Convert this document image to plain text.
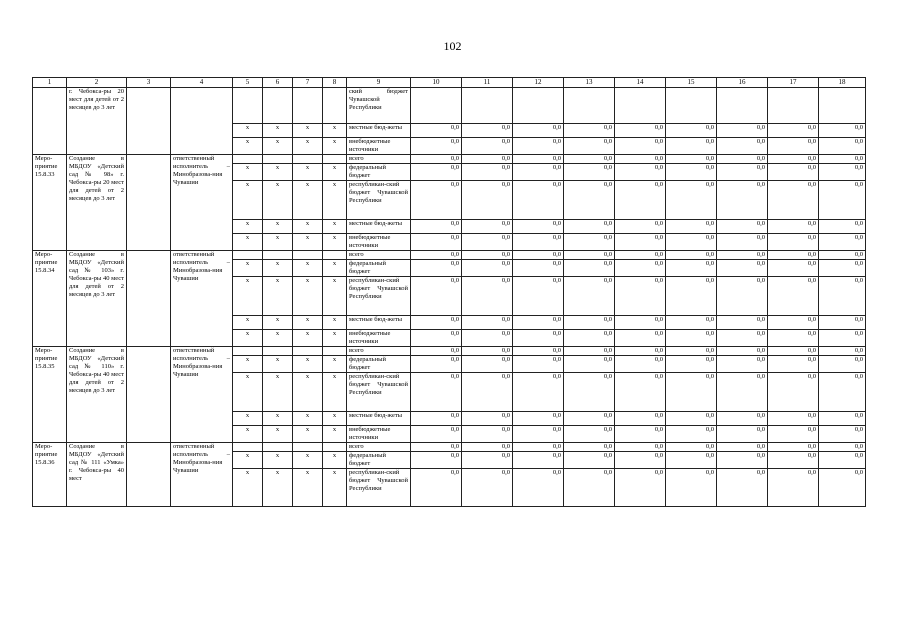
102
1	2	3	4	5	6	7	8	9	10	11	12	13	14	15	16	17	18
	г. Чебокса-ры 20 мест для детей от 2 месяцев до 3 лет							ский бюджет Чувашской Республики									
				x	x	x	x	местные бюд-жеты	0,0	0,0	0,0	0,0	0,0	0,0	0,0	0,0	0,0
				x	x	x	x	внебюджетные источники	0,0	0,0	0,0	0,0	0,0	0,0	0,0	0,0	0,0
Меро-приятие 15.8.33	Создание в МБДОУ «Детский сад № 98» г. Чебокса-ры 20 мест для детей от 2 месяцев до 3 лет		ответственный исполнитель – Минобразова-ния Чувашии					всего	0,0	0,0	0,0	0,0	0,0	0,0	0,0	0,0	0,0
				x	x	x	x	федеральный бюджет	0,0	0,0	0,0	0,0	0,0	0,0	0,0	0,0	0,0
				x	x	x	x	республикан-ский бюджет Чувашской Республики	0,0	0,0	0,0	0,0	0,0	0,0	0,0	0,0	0,0
				x	x	x	x	местные бюд-жеты	0,0	0,0	0,0	0,0	0,0	0,0	0,0	0,0	0,0
				x	x	x	x	внебюджетные источники	0,0	0,0	0,0	0,0	0,0	0,0	0,0	0,0	0,0
Меро-приятие 15.8.34	Создание в МБДОУ «Детский сад № 103» г. Чебокса-ры 40 мест для детей от 2 месяцев до 3 лет		ответственный исполнитель – Минобразова-ния Чувашии					всего	0,0	0,0	0,0	0,0	0,0	0,0	0,0	0,0	0,0
				x	x	x	x	федеральный бюджет	0,0	0,0	0,0	0,0	0,0	0,0	0,0	0,0	0,0
				x	x	x	x	республикан-ский бюджет Чувашской Республики	0,0	0,0	0,0	0,0	0,0	0,0	0,0	0,0	0,0
				x	x	x	x	местные бюд-жеты	0,0	0,0	0,0	0,0	0,0	0,0	0,0	0,0	0,0
				x	x	x	x	внебюджетные источники	0,0	0,0	0,0	0,0	0,0	0,0	0,0	0,0	0,0
Меро-приятие 15.8.35	Создание в МБДОУ «Детский сад № 110» г. Чебокса-ры 40 мест для детей от 2 месяцев до 3 лет		ответственный исполнитель – Минобразова-ния Чувашии					всего	0,0	0,0	0,0	0,0	0,0	0,0	0,0	0,0	0,0
				x	x	x	x	федеральный бюджет	0,0	0,0	0,0	0,0	0,0	0,0	0,0	0,0	0,0
				x	x	x	x	республикан-ский бюджет Чувашской Республики	0,0	0,0	0,0	0,0	0,0	0,0	0,0	0,0	0,0
				x	x	x	x	местные бюд-жеты	0,0	0,0	0,0	0,0	0,0	0,0	0,0	0,0	0,0
				x	x	x	x	внебюджетные источники	0,0	0,0	0,0	0,0	0,0	0,0	0,0	0,0	0,0
Меро-приятие 15.8.36	Создание в МБДОУ «Детский сад № 111 «Умка» г. Чебокса-ры 40 мест		ответственный исполнитель – Минобразова-ния Чувашии					всего	0,0	0,0	0,0	0,0	0,0	0,0	0,0	0,0	0,0
				x	x	x	x	федеральный бюджет	0,0	0,0	0,0	0,0	0,0	0,0	0,0	0,0	0,0
				x	x	x	x	республикан-ский бюджет Чувашской Республики	0,0	0,0	0,0	0,0	0,0	0,0	0,0	0,0	0,0
